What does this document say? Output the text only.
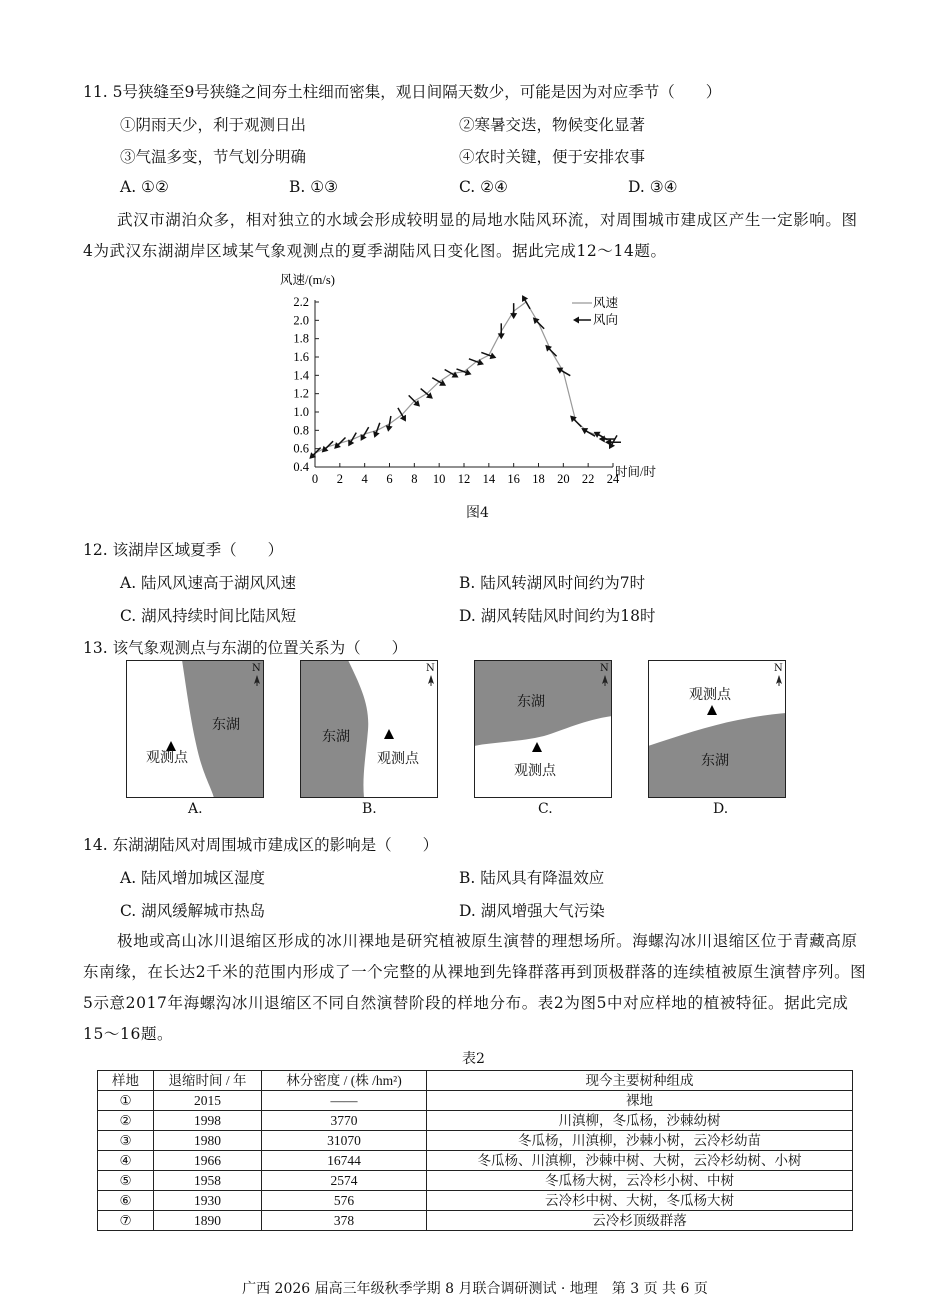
11. 5号狭缝至9号狭缝之间夯土柱细而密集，观日间隔天数少，可能是因为对应季节（　　）
①阴雨天少，利于观测日出	②寒暑交迭，物候变化显著
③气温多变，节气划分明确	④农时关键，便于安排农事
A. ①②	B. ①③	C. ②④	D. ③④
武汉市湖泊众多，相对独立的水域会形成较明显的局地水陆风环流，对周围城市建成区产生一定影响。图4为武汉东湖湖岸区域某气象观测点的夏季湖陆风日变化图。据此完成12～14题。
风速/(m/s)
时间/时
2.2
2.0
1.8
1.6
1.4
1.2
1.0
0.8
0.6
0.4
0 2 4 6 8 10 12 14 16 18 20 22 24
风速
风向
图4
12. 该湖岸区域夏季（　　）
A. 陆风风速高于湖风风速	B. 陆风转湖风时间约为7时
C. 湖风持续时间比陆风短	D. 湖风转陆风时间约为18时
13. 该气象观测点与东湖的位置关系为（　　）
N
东湖
观测点
A.
N
东湖
观测点
B.
N
东湖
观测点
C.
N
观测点
东湖
D.
14. 东湖湖陆风对周围城市建成区的影响是（　　）
A. 陆风增加城区湿度	B. 陆风具有降温效应
C. 湖风缓解城市热岛	D. 湖风增强大气污染
极地或高山冰川退缩区形成的冰川裸地是研究植被原生演替的理想场所。海螺沟冰川退缩区位于青藏高原东南缘，在长达2千米的范围内形成了一个完整的从裸地到先锋群落再到顶极群落的连续植被原生演替序列。图5示意2017年海螺沟冰川退缩区不同自然演替阶段的样地分布。表2为图5中对应样地的植被特征。据此完成15～16题。
表2
样地	退缩时间 / 年	林分密度 / (株 /hm²)	现今主要树种组成
①	2015	——	裸地
②	1998	3770	川滇柳，冬瓜杨，沙棘幼树
③	1980	31070	冬瓜杨，川滇柳，沙棘小树，云冷杉幼苗
④	1966	16744	冬瓜杨、川滇柳，沙棘中树、大树，云冷杉幼树、小树
⑤	1958	2574	冬瓜杨大树，云冷杉小树、中树
⑥	1930	576	云冷杉中树、大树，冬瓜杨大树
⑦	1890	378	云冷杉顶级群落
广西 2026 届高三年级秋季学期 8 月联合调研测试 · 地理　第 3 页 共 6 页
